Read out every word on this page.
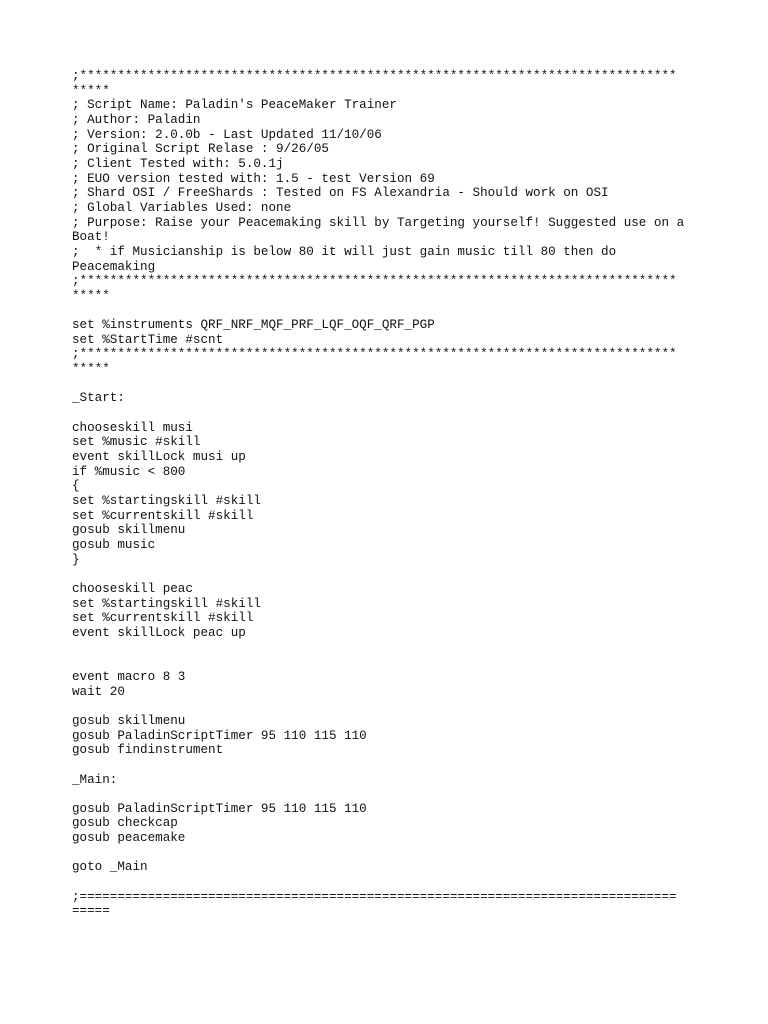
;*******************************************************************************
*****
; Script Name: Paladin's PeaceMaker Trainer
; Author: Paladin
; Version: 2.0.0b - Last Updated 11/10/06
; Original Script Relase : 9/26/05
; Client Tested with: 5.0.1j
; EUO version tested with: 1.5 - test Version 69
; Shard OSI / FreeShards : Tested on FS Alexandria - Should work on OSI
; Global Variables Used: none
; Purpose: Raise your Peacemaking skill by Targeting yourself! Suggested use on a
Boat!
;  * if Musicianship is below 80 it will just gain music till 80 then do
Peacemaking
;*******************************************************************************
*****

set %instruments QRF_NRF_MQF_PRF_LQF_OQF_QRF_PGP
set %StartTime #scnt
;*******************************************************************************
*****

_Start:

chooseskill musi
set %music #skill
event skillLock musi up
if %music < 800
{
set %startingskill #skill
set %currentskill #skill
gosub skillmenu
gosub music
}

chooseskill peac
set %startingskill #skill
set %currentskill #skill
event skillLock peac up

event macro 8 3
wait 20

gosub skillmenu
gosub PaladinScriptTimer 95 110 115 110
gosub findinstrument

_Main:

gosub PaladinScriptTimer 95 110 115 110
gosub checkcap
gosub peacemake

goto _Main

;===============================================================================
=====
